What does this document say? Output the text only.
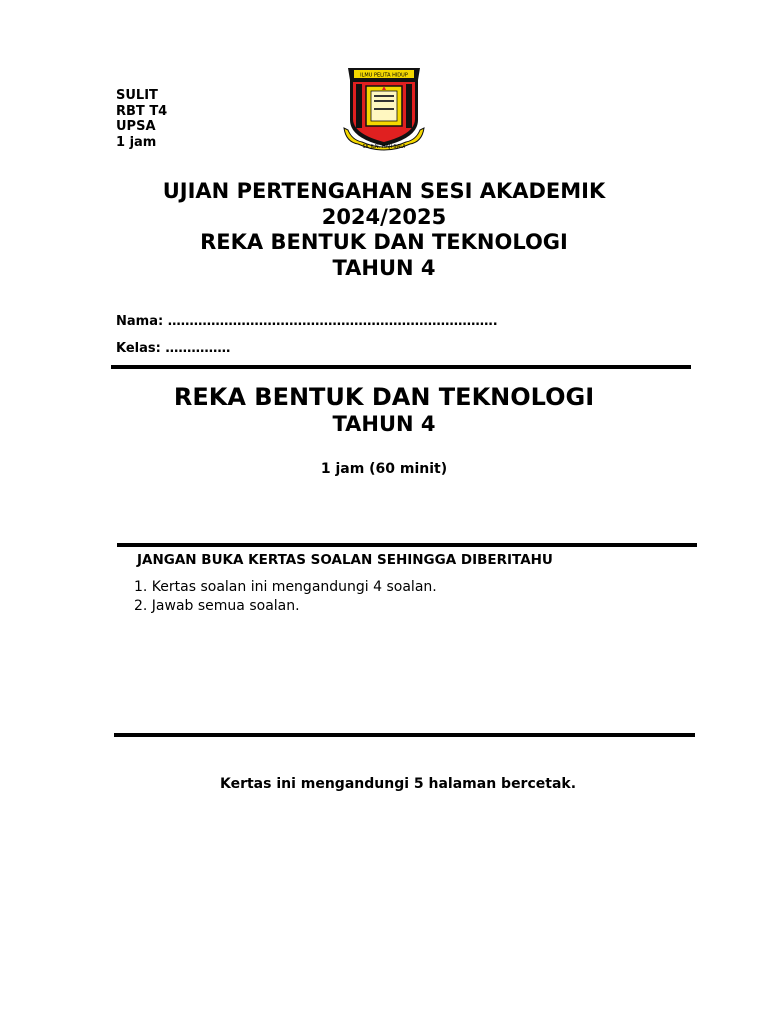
SULIT
RBT T4
UPSA
1 jam
ILMU PELITA HIDUP
SK JLN. HAJI SAUI
UJIAN PERTENGAHAN SESI AKADEMIK
2024/2025
REKA BENTUK DAN TEKNOLOGI
TAHUN 4
Nama: ………………………………………………………………….
Kelas: ……………
REKA BENTUK DAN TEKNOLOGI
TAHUN 4
1 jam (60 minit)
JANGAN BUKA KERTAS SOALAN SEHINGGA DIBERITAHU
1. Kertas soalan ini mengandungi 4 soalan.
2. Jawab semua soalan.
Kertas ini mengandungi 5 halaman bercetak.
